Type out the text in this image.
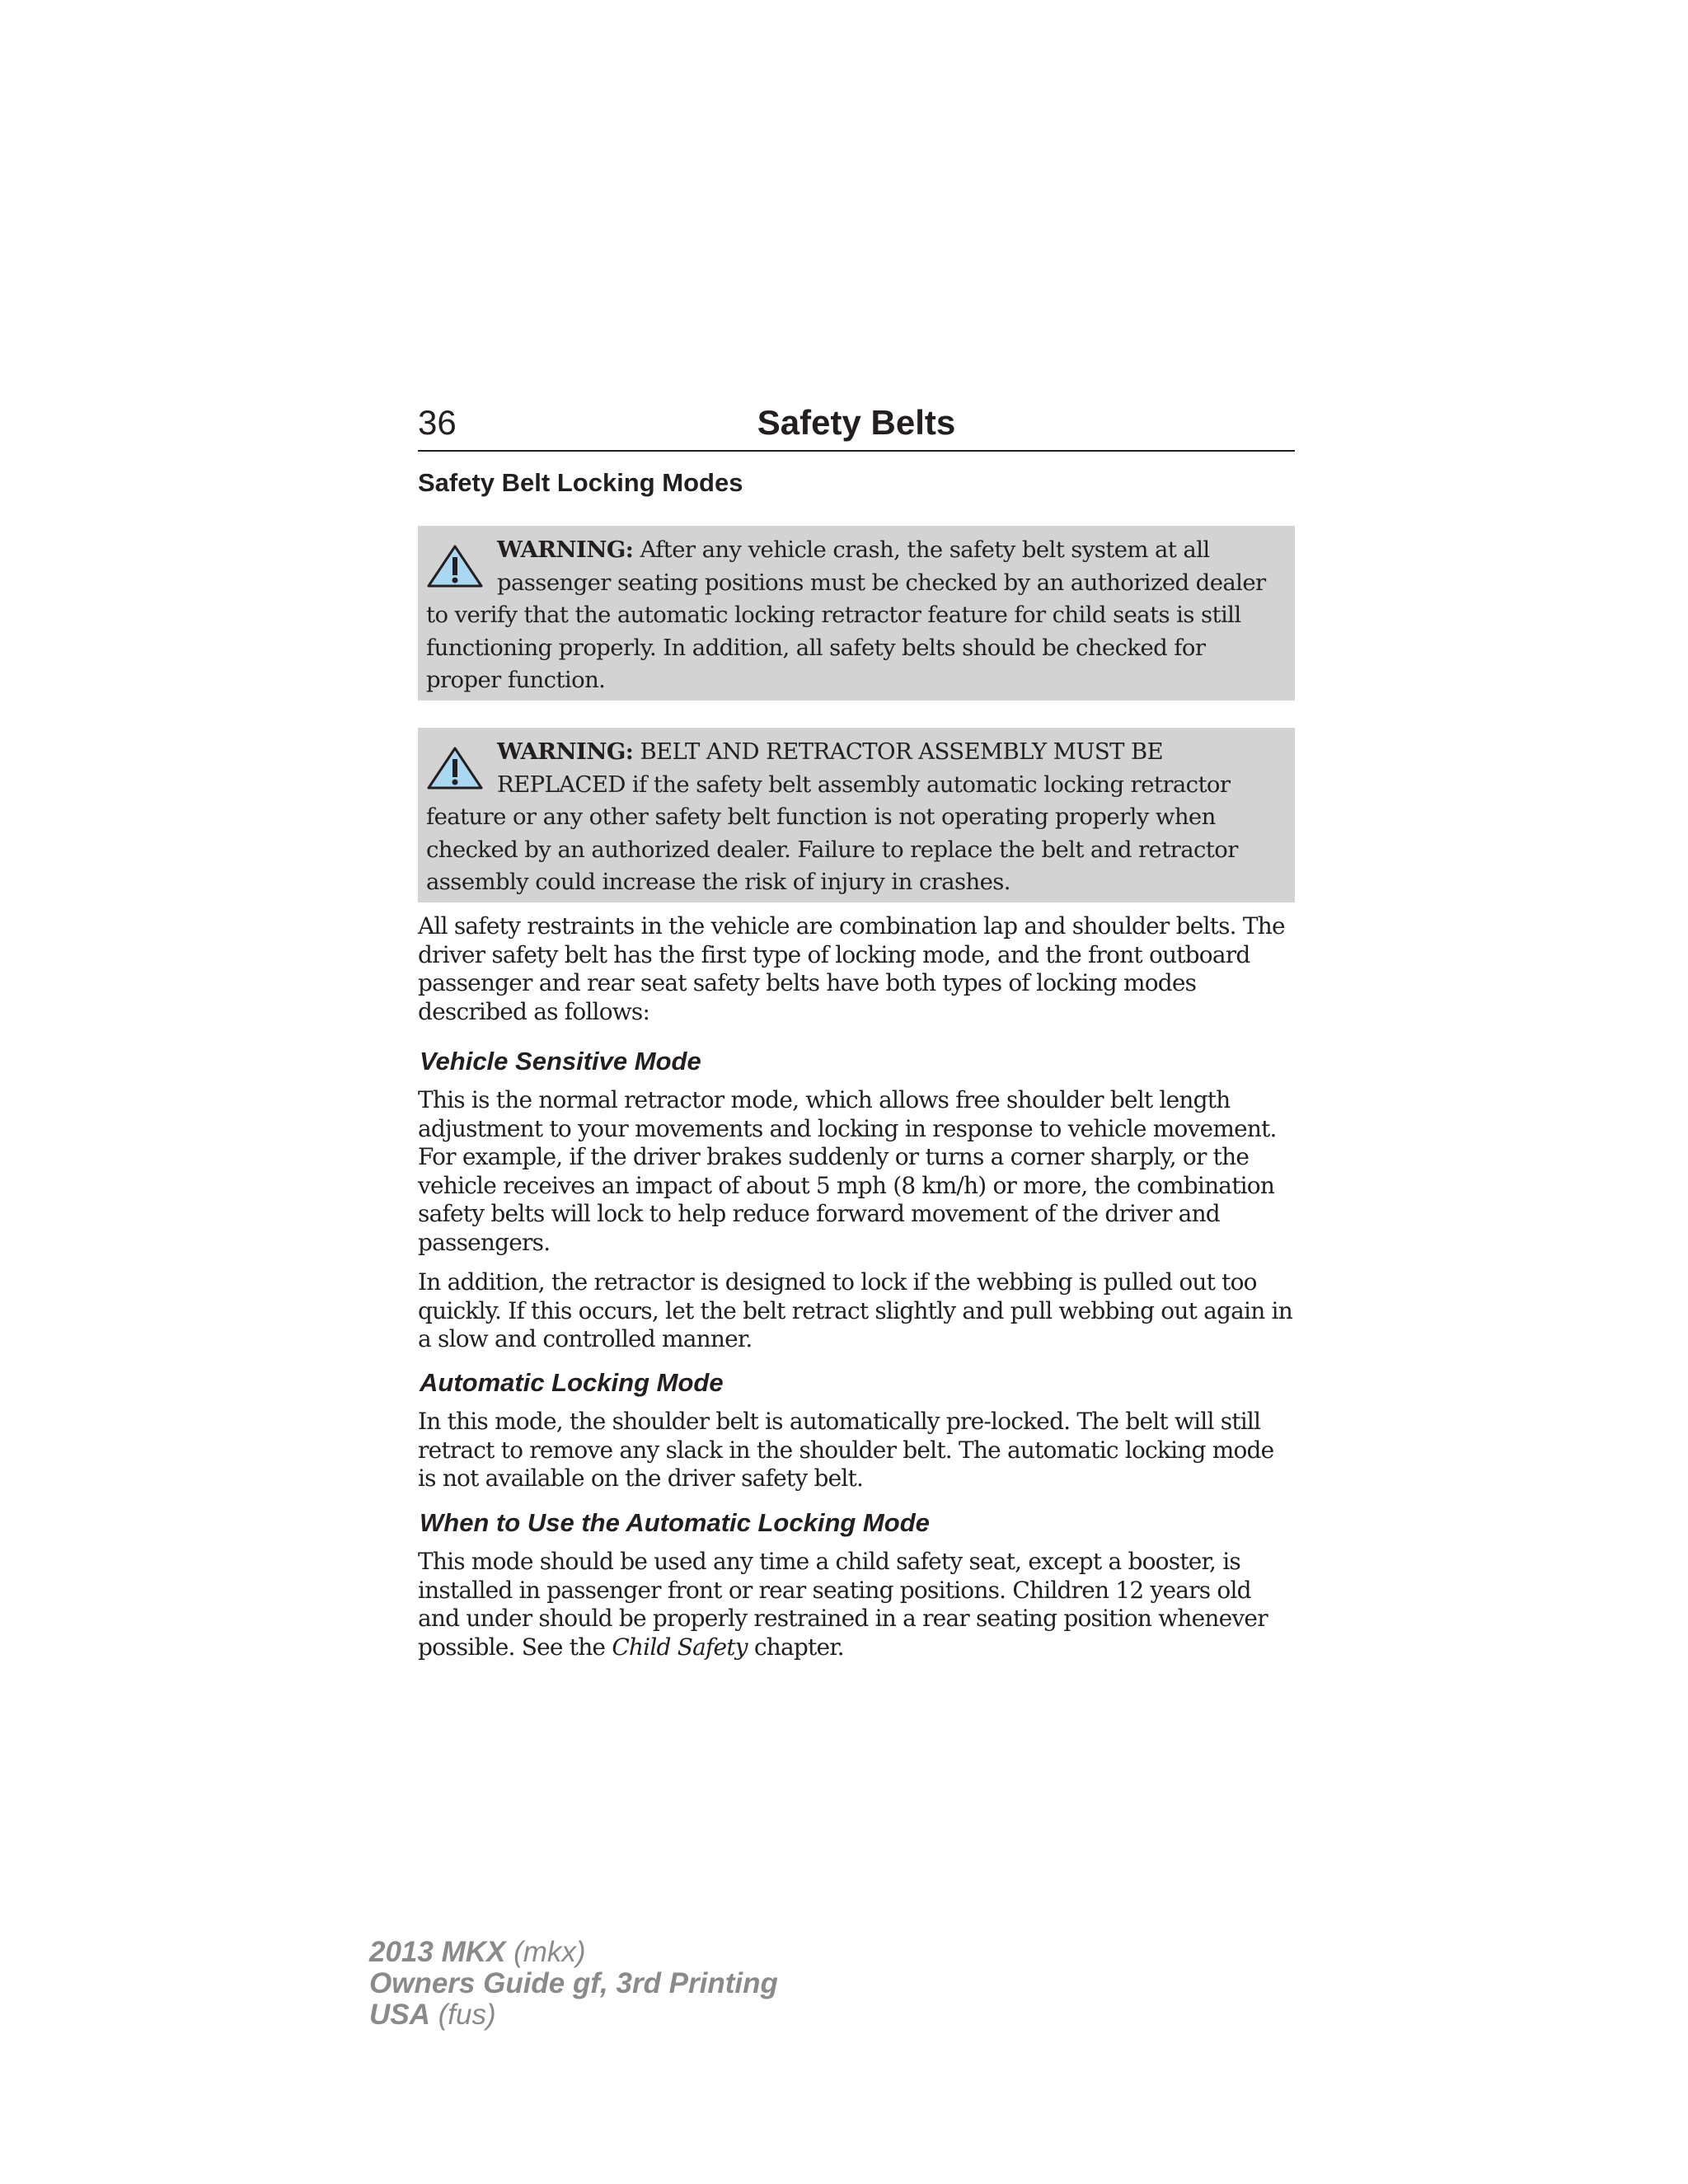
36	Safety Belts
Safety Belt Locking Modes
WARNING: After any vehicle crash, the safety belt system at all passenger seating positions must be checked by an authorized dealer to verify that the automatic locking retractor feature for child seats is still functioning properly. In addition, all safety belts should be checked for proper function.
WARNING: BELT AND RETRACTOR ASSEMBLY MUST BE REPLACED if the safety belt assembly automatic locking retractor feature or any other safety belt function is not operating properly when checked by an authorized dealer. Failure to replace the belt and retractor assembly could increase the risk of injury in crashes.

All safety restraints in the vehicle are combination lap and shoulder belts. The driver safety belt has the first type of locking mode, and the front outboard passenger and rear seat safety belts have both types of locking modes described as follows:

Vehicle Sensitive Mode

This is the normal retractor mode, which allows free shoulder belt length adjustment to your movements and locking in response to vehicle movement. For example, if the driver brakes suddenly or turns a corner sharply, or the vehicle receives an impact of about 5 mph (8 km/h) or more, the combination safety belts will lock to help reduce forward movement of the driver and passengers.

In addition, the retractor is designed to lock if the webbing is pulled out too quickly. If this occurs, let the belt retract slightly and pull webbing out again in a slow and controlled manner.

Automatic Locking Mode

In this mode, the shoulder belt is automatically pre-locked. The belt will still retract to remove any slack in the shoulder belt. The automatic locking mode is not available on the driver safety belt.

When to Use the Automatic Locking Mode

This mode should be used any time a child safety seat, except a booster, is installed in passenger front or rear seating positions. Children 12 years old and under should be properly restrained in a rear seating position whenever possible. See the Child Safety chapter.

2013 MKX (mkx)
Owners Guide gf, 3rd Printing
USA (fus)
